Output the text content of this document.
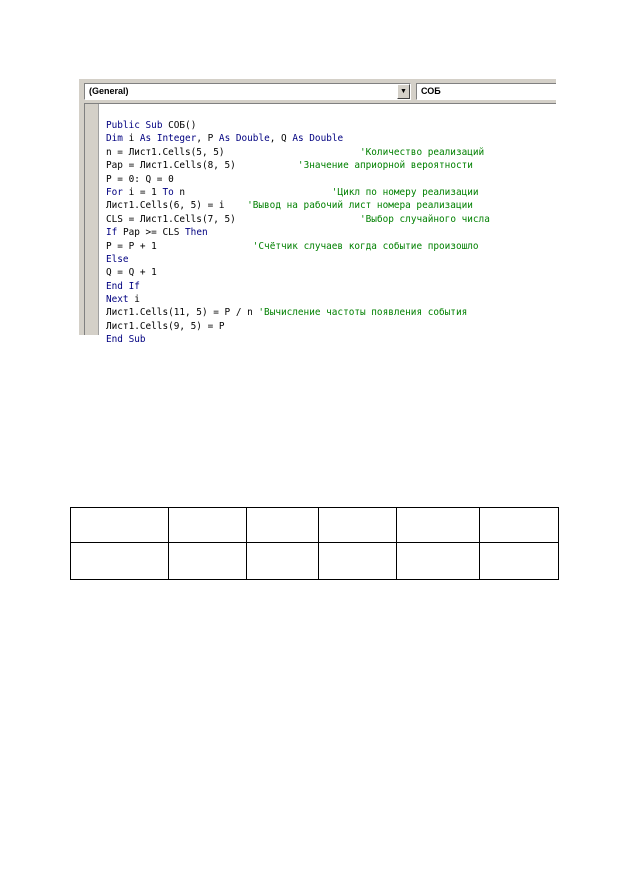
(General)	▼	СОБ
Public Sub СОБ()
Dim i As Integer, P As Double, Q As Double
n = Лист1.Cells(5, 5)	'Количество реализаций
Pap = Лист1.Cells(8, 5)	'Значение априорной вероятности
P = 0: Q = 0
For i = 1 To n	'Цикл по номеру реализации
Лист1.Cells(6, 5) = i 'Вывод на рабочий лист номера реализации
CLS = Лист1.Cells(7, 5)	'Выбор случайного числа
If Pap >= CLS Then
P = P + 1	'Счётчик случаев когда событие произошло
Else
Q = Q + 1
End If
Next i
Лист1.Cells(11, 5) = P / n 'Вычисление частоты появления события
Лист1.Cells(9, 5) = P
End Sub
